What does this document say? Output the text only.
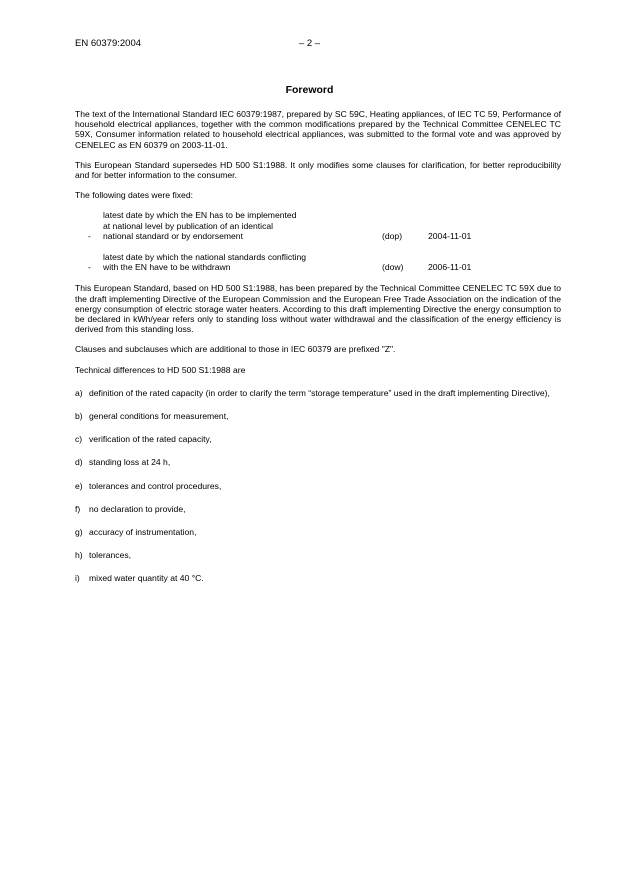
EN 60379:2004	– 2 –
Foreword

The text of the International Standard IEC 60379:1987, prepared by SC 59C, Heating appliances, of IEC TC 59, Performance of household electrical appliances, together with the common modifications prepared by the Technical Committee CENELEC TC 59X, Consumer information related to household electrical appliances, was submitted to the formal vote and was approved by CENELEC as EN 60379 on 2003-11-01.

This European Standard supersedes HD 500 S1:1988. It only modifies some clauses for clarification, for better reproducibility and for better information to the consumer.

The following dates were fixed:

-
latest date by which the EN has to be implemented
at national level by publication of an identical
national standard or by endorsement	(dop)	2004-11-01
-
latest date by which the national standards conflicting
with the EN have to be withdrawn	(dow)	2006-11-01

This European Standard, based on HD 500 S1:1988, has been prepared by the Technical Committee CENELEC TC 59X due to the draft implementing Directive of the European Commission and the European Free Trade Association on the indication of the energy consumption of electric storage water heaters. According to this draft implementing Directive the energy consumption to be declared in kWh/year refers only to standing loss without water withdrawal and the classification of the energy efficiency is derived from this standing loss.

Clauses and subclauses which are additional to those in IEC 60379 are prefixed "Z".

Technical differences to HD 500 S1:1988 are

a) definition of the rated capacity (in order to clarify the term “storage temperature” used in the draft implementing Directive),
b) general conditions for measurement,
c) verification of the rated capacity,
d) standing loss at 24 h,
e) tolerances and control procedures,
f)	no declaration to provide,
g) accuracy of instrumentation,
h) tolerances,
i)	mixed water quantity at 40 °C.
